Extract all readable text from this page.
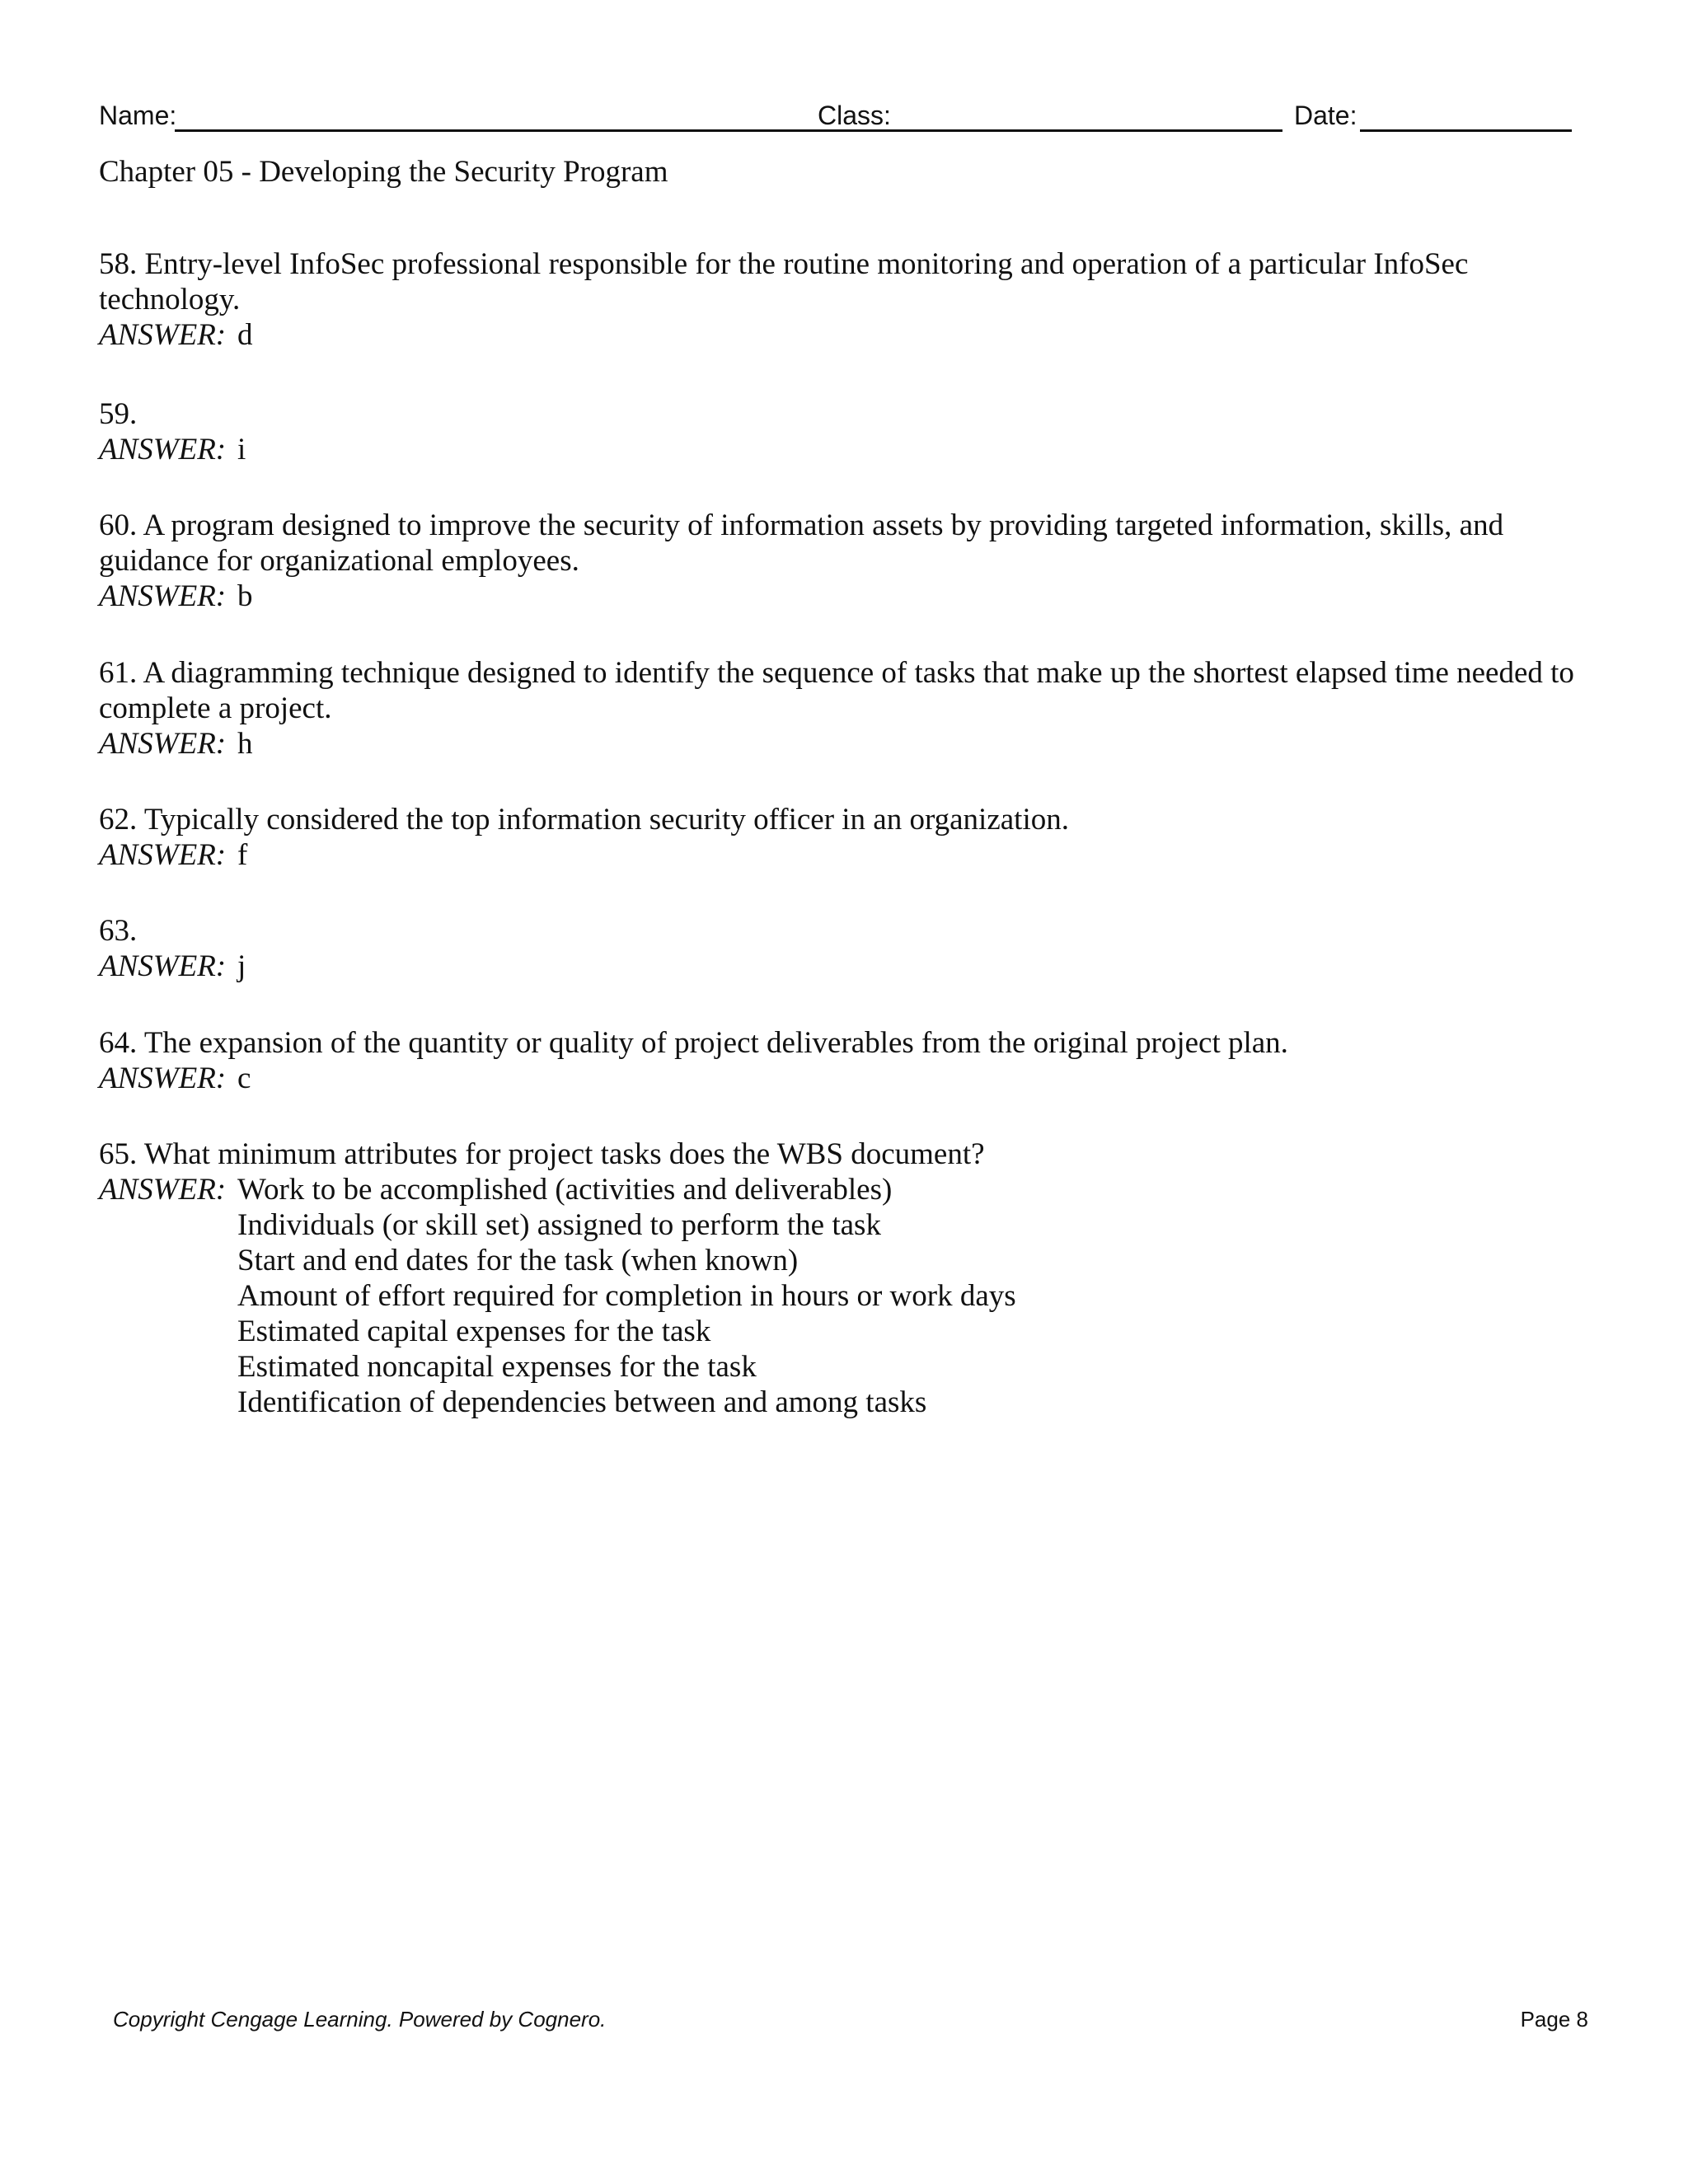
Name:	Class:	Date:
Chapter 05 - Developing the Security Program
58. Entry-level InfoSec professional responsible for the routine monitoring and operation of a particular InfoSec technology.
ANSWER: d
59.
ANSWER: i
60. A program designed to improve the security of information assets by providing targeted information, skills, and guidance for organizational employees.
ANSWER: b
61. A diagramming technique designed to identify the sequence of tasks that make up the shortest elapsed time needed to complete a project.
ANSWER: h
62. Typically considered the top information security officer in an organization.
ANSWER: f
63.
ANSWER: j
64. The expansion of the quantity or quality of project deliverables from the original project plan.
ANSWER: c
65. What minimum attributes for project tasks does the WBS document?
ANSWER: Work to be accomplished (activities and deliverables)
Individuals (or skill set) assigned to perform the task
Start and end dates for the task (when known)
Amount of effort required for completion in hours or work days
Estimated capital expenses for the task
Estimated noncapital expenses for the task
Identification of dependencies between and among tasks
Copyright Cengage Learning. Powered by Cognero.	Page 8
